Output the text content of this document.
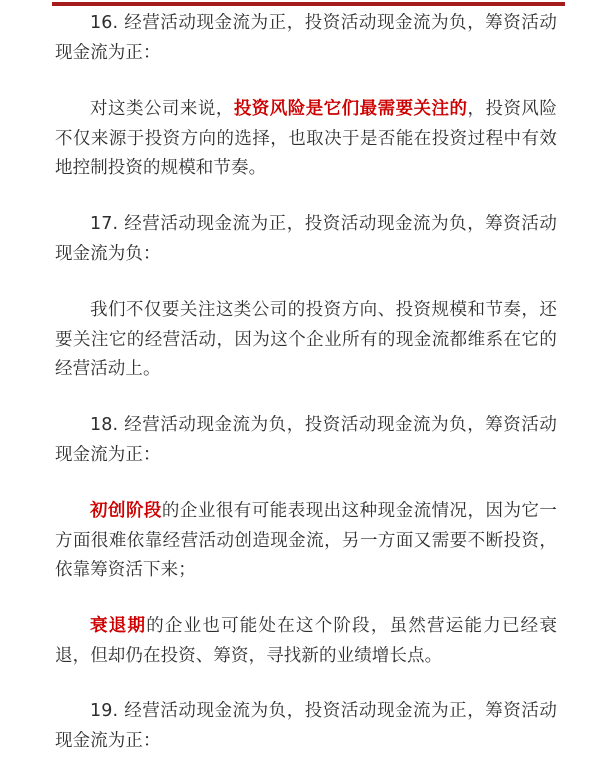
16. 经营活动现金流为正，投资活动现金流为负，筹资活动现金流为正：

对这类公司来说，投资风险是它们最需要关注的，投资风险不仅来源于投资方向的选择，也取决于是否能在投资过程中有效地控制投资的规模和节奏。

17. 经营活动现金流为正，投资活动现金流为负，筹资活动现金流为负：

我们不仅要关注这类公司的投资方向、投资规模和节奏，还要关注它的经营活动，因为这个企业所有的现金流都维系在它的经营活动上。

18. 经营活动现金流为负，投资活动现金流为负，筹资活动现金流为正：

初创阶段的企业很有可能表现出这种现金流情况，因为它一方面很难依靠经营活动创造现金流，另一方面又需要不断投资，依靠筹资活下来；

衰退期的企业也可能处在这个阶段，虽然营运能力已经衰退，但却仍在投资、筹资，寻找新的业绩增长点。

19. 经营活动现金流为负，投资活动现金流为正，筹资活动现金流为正：
